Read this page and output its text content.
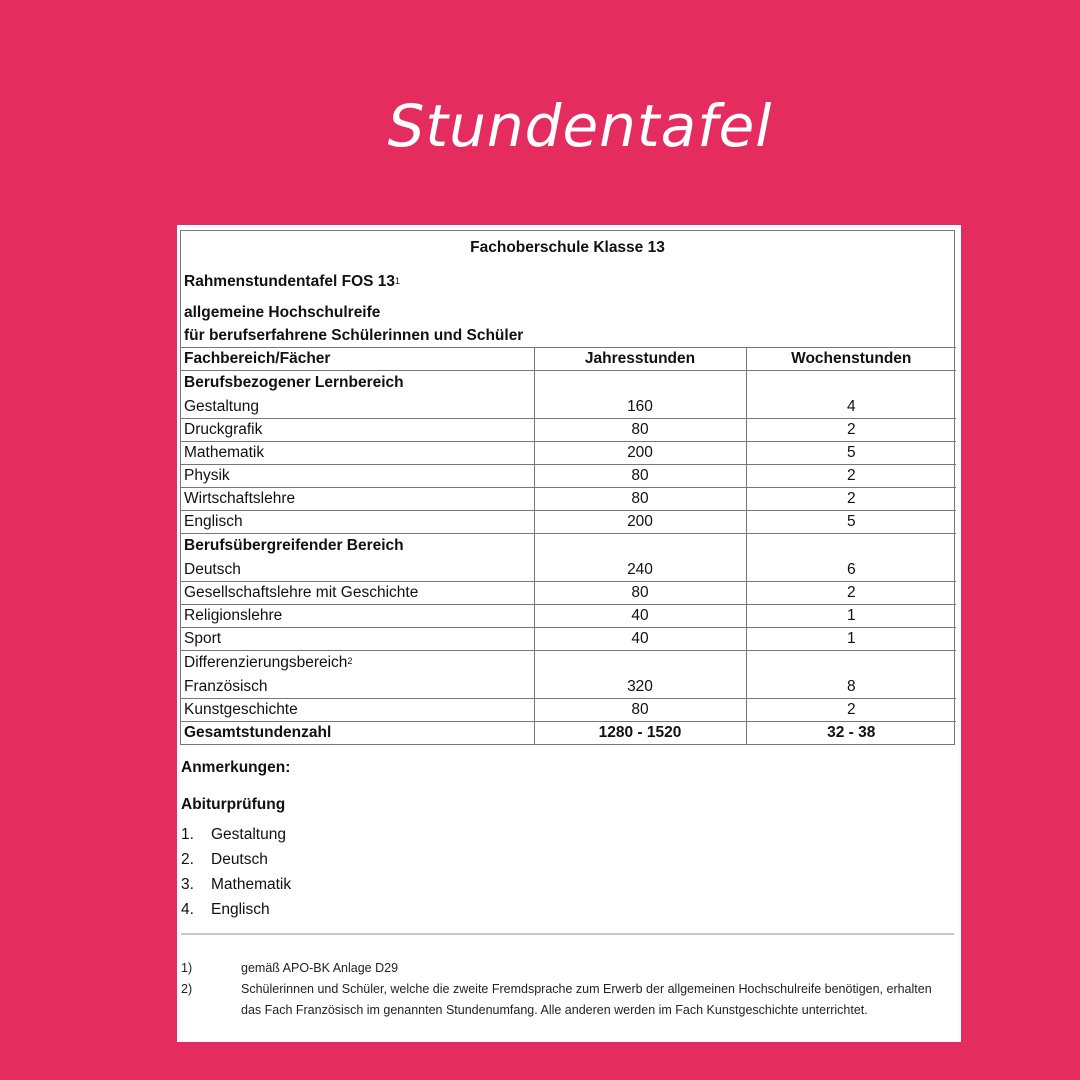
Stundentafel
Fachoberschule Klasse 13
Rahmenstundentafel FOS $13^1$
allgemeine Hochschulreife
für berufserfahrene Schülerinnen und Schüler
Fachbereich/Fächer	Jahresstunden	Wochenstunden

Berufsbezogener Lernbereich
Gestaltung	160	4
Druckgrafik	80	2
Mathematik	200	5
Physik	80	2
Wirtschaftslehre	80	2
Englisch	200	5

Berufsübergreifender Bereich
Deutsch	240	6
Gesellschaftslehre mit Geschichte	80	2
Religionslehre	40	1
Sport	40	1

Differenzierungsbereich$^2$
Französisch	320	8
Kunstgeschichte	80	2
Gesamtstundenzahl	1280 - 1520	32 - 38
Anmerkungen:
Abiturprüfung
1. Gestaltung
2. Deutsch
3. Mathematik
4. Englisch
1)	gemäß APO-BK Anlage D29
2)	Schülerinnen und Schüler, welche die zweite Fremdsprache zum Erwerb der allgemeinen Hochschulreife benötigen, erhalten das Fach Französisch im genannten Stundenumfang. Alle anderen werden im Fach Kunstgeschichte unterrichtet.
